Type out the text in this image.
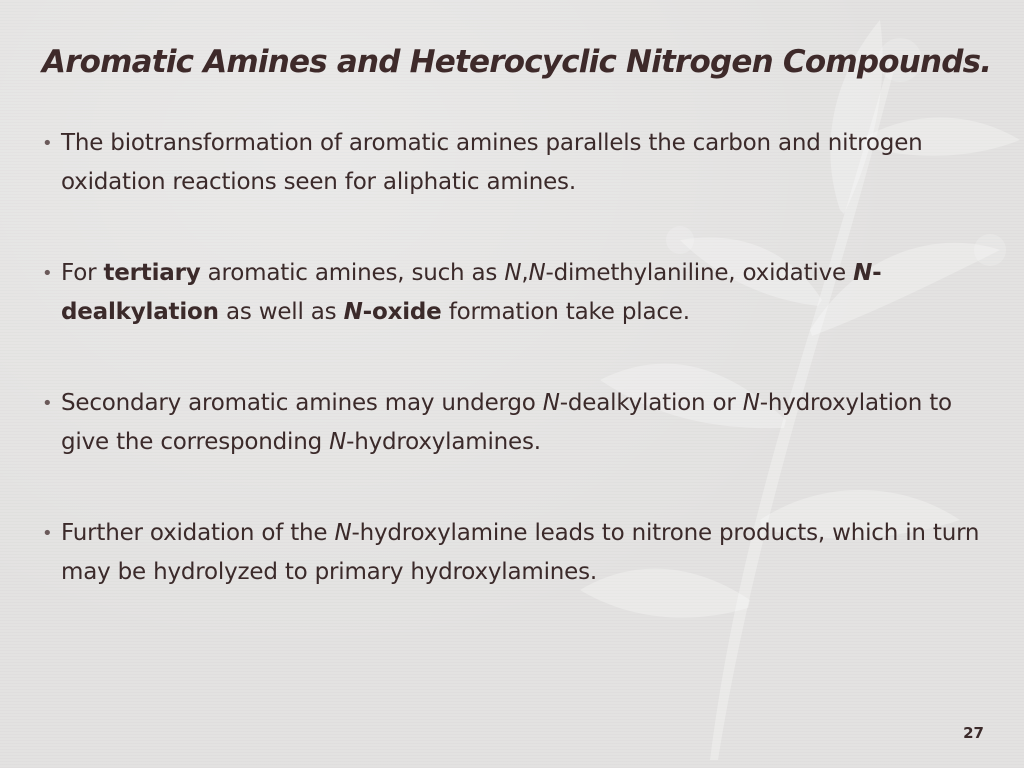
Aromatic Amines and Heterocyclic Nitrogen Compounds.
• The biotransformation of aromatic amines parallels the carbon and nitrogen oxidation reactions seen for aliphatic amines.
• For tertiary aromatic amines, such as N,N-dimethylaniline, oxidative N-dealkylation as well as N-oxide formation take place.
• Secondary aromatic amines may undergo N-dealkylation or N-hydroxylation to give the corresponding N-hydroxylamines.
• Further oxidation of the N-hydroxylamine leads to nitrone products, which in turn may be hydrolyzed to primary hydroxylamines.
27
